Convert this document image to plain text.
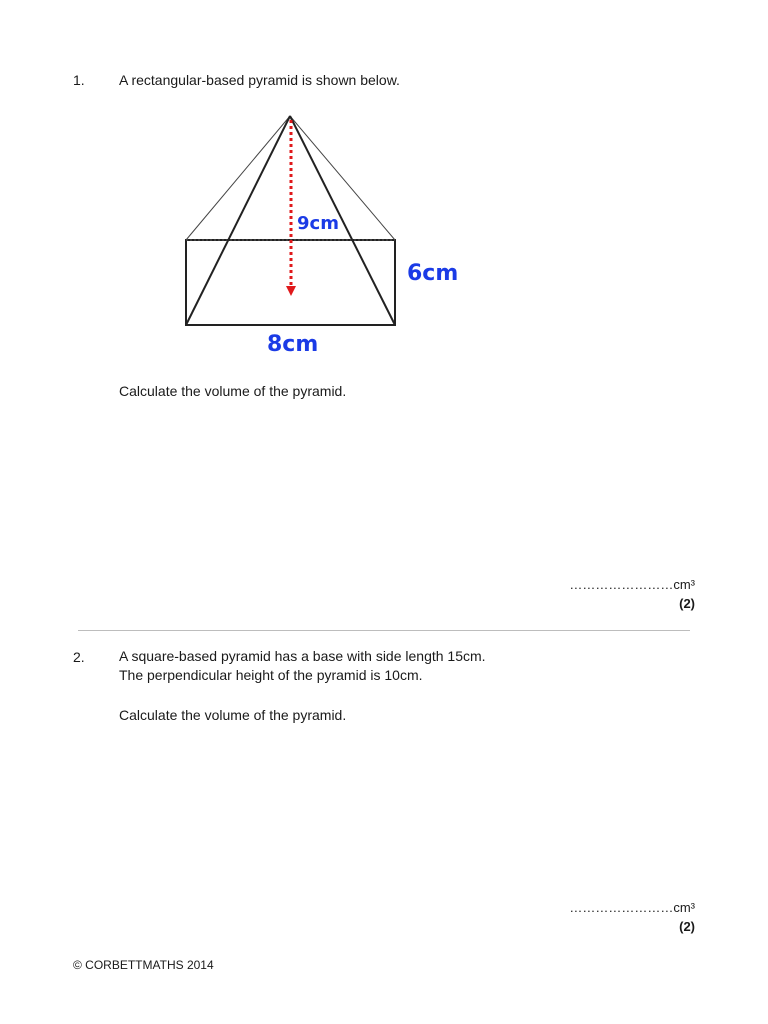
1. A rectangular-based pyramid is shown below.
9cm
6cm
8cm
Calculate the volume of the pyramid.
……………………cm³
(2)
2. A square-based pyramid has a base with side length 15cm.
The perpendicular height of the pyramid is 10cm.
Calculate the volume of the pyramid.
……………………cm³
(2)
© CORBETTMATHS 2014
